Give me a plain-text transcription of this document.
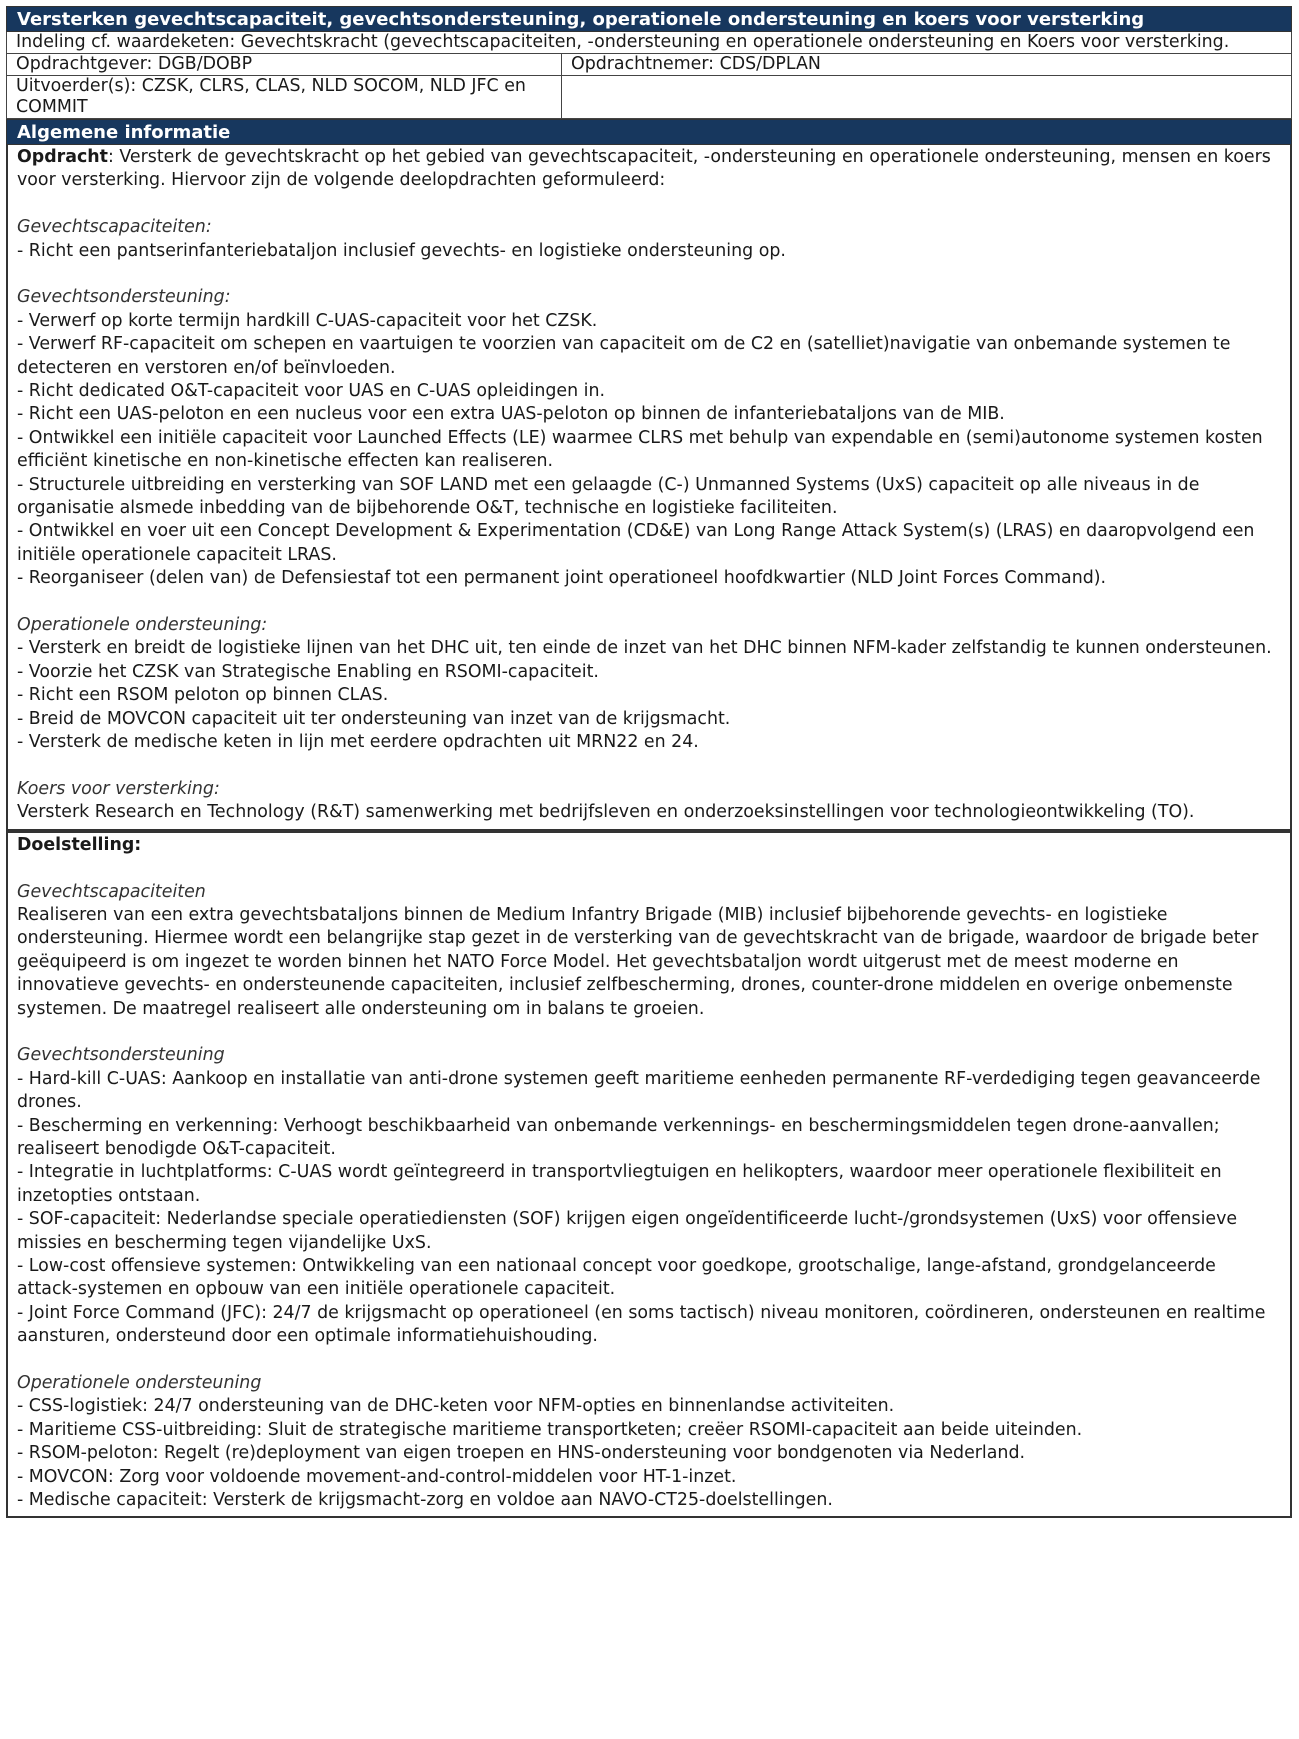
Versterken gevechtscapaciteit, gevechtsondersteuning, operationele ondersteuning en koers voor versterking
Indeling cf. waardeketen: Gevechtskracht (gevechtscapaciteiten, -ondersteuning en operationele ondersteuning en Koers voor versterking.
Opdrachtgever: DGB/DOBP	Opdrachtnemer: CDS/DPLAN
Uitvoerder(s): CZSK, CLRS, CLAS, NLD SOCOM, NLD JFC en COMMIT
Algemene informatie

Opdracht: Versterk de gevechtskracht op het gebied van gevechtscapaciteit, -ondersteuning en operationele ondersteuning, mensen en koers voor versterking. Hiervoor zijn de volgende deelopdrachten geformuleerd:

Gevechtscapaciteiten:

- Richt een pantserinfanteriebataljon inclusief gevechts- en logistieke ondersteuning op.

Gevechtsondersteuning:

- Verwerf op korte termijn hardkill C-UAS-capaciteit voor het CZSK.

- Verwerf RF-capaciteit om schepen en vaartuigen te voorzien van capaciteit om de C2 en (satelliet)navigatie van onbemande systemen te detecteren en verstoren en/of beïnvloeden.

- Richt dedicated O&T-capaciteit voor UAS en C-UAS opleidingen in.

- Richt een UAS-peloton en een nucleus voor een extra UAS-peloton op binnen de infanteriebataljons van de MIB.

- Ontwikkel een initiële capaciteit voor Launched Effects (LE) waarmee CLRS met behulp van expendable en (semi)autonome systemen kosten efficiënt kinetische en non-kinetische effecten kan realiseren.

- Structurele uitbreiding en versterking van SOF LAND met een gelaagde (C-) Unmanned Systems (UxS) capaciteit op alle niveaus in de organisatie alsmede inbedding van de bijbehorende O&T, technische en logistieke faciliteiten.

- Ontwikkel en voer uit een Concept Development & Experimentation (CD&E) van Long Range Attack System(s) (LRAS) en daaropvolgend een initiële operationele capaciteit LRAS.

- Reorganiseer (delen van) de Defensiestaf tot een permanent joint operationeel hoofdkwartier (NLD Joint Forces Command).

Operationele ondersteuning:

- Versterk en breidt de logistieke lijnen van het DHC uit, ten einde de inzet van het DHC binnen NFM-kader zelfstandig te kunnen ondersteunen.

- Voorzie het CZSK van Strategische Enabling en RSOMI-capaciteit.

- Richt een RSOM peloton op binnen CLAS.

- Breid de MOVCON capaciteit uit ter ondersteuning van inzet van de krijgsmacht.

- Versterk de medische keten in lijn met eerdere opdrachten uit MRN22 en 24.

Koers voor versterking:

Versterk Research en Technology (R&T) samenwerking met bedrijfsleven en onderzoeksinstellingen voor technologieontwikkeling (TO).

Doelstelling:

Gevechtscapaciteiten

Realiseren van een extra gevechtsbataljons binnen de Medium Infantry Brigade (MIB) inclusief bijbehorende gevechts- en logistieke ondersteuning. Hiermee wordt een belangrijke stap gezet in de versterking van de gevechtskracht van de brigade, waardoor de brigade beter geëquipeerd is om ingezet te worden binnen het NATO Force Model. Het gevechtsbataljon wordt uitgerust met de meest moderne en innovatieve gevechts- en ondersteunende capaciteiten, inclusief zelfbescherming, drones, counter-drone middelen en overige onbemenste systemen. De maatregel realiseert alle ondersteuning om in balans te groeien.

Gevechtsondersteuning

- Hard-kill C-UAS: Aankoop en installatie van anti-drone systemen geeft maritieme eenheden permanente RF-verdediging tegen geavanceerde drones.

- Bescherming en verkenning: Verhoogt beschikbaarheid van onbemande verkennings- en beschermingsmiddelen tegen drone-aanvallen; realiseert benodigde O&T-capaciteit.

- Integratie in luchtplatforms: C-UAS wordt geïntegreerd in transportvliegtuigen en helikopters, waardoor meer operationele flexibiliteit en inzetopties ontstaan.

- SOF-capaciteit: Nederlandse speciale operatiediensten (SOF) krijgen eigen ongeïdentificeerde lucht-/grondsystemen (UxS) voor offensieve missies en bescherming tegen vijandelijke UxS.

- Low-cost offensieve systemen: Ontwikkeling van een nationaal concept voor goedkope, grootschalige, lange-afstand, grondgelanceerde attack-systemen en opbouw van een initiële operationele capaciteit.

- Joint Force Command (JFC): 24/7 de krijgsmacht op operationeel (en soms tactisch) niveau monitoren, coördineren, ondersteunen en realtime aansturen, ondersteund door een optimale informatiehuishouding.

Operationele ondersteuning

- CSS-logistiek: 24/7 ondersteuning van de DHC-keten voor NFM-opties en binnenlandse activiteiten.

- Maritieme CSS-uitbreiding: Sluit de strategische maritieme transportketen; creëer RSOMI-capaciteit aan beide uiteinden.

- RSOM-peloton: Regelt (re)deployment van eigen troepen en HNS-ondersteuning voor bondgenoten via Nederland.

- MOVCON: Zorg voor voldoende movement-and-control-middelen voor HT-1-inzet.

- Medische capaciteit: Versterk de krijgsmacht-zorg en voldoe aan NAVO-CT25-doelstellingen.
